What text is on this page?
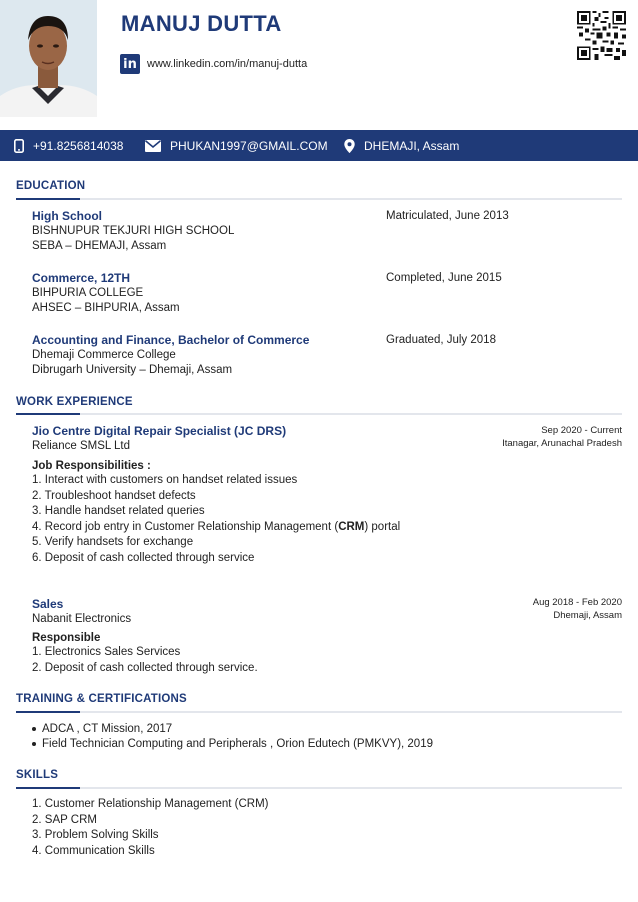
MANUJ DUTTA
in www.linkedin.com/in/manuj-dutta
+91.8256814038	PHUKAN1997@GMAIL.COM	DHEMAJI, Assam
EDUCATION
High School	Matriculated, June 2013
BISHNUPUR TEKJURI HIGH SCHOOL
SEBA – DHEMAJI, Assam
Commerce, 12TH	Completed, June 2015
BIHPURIA COLLEGE
AHSEC – BIHPURIA, Assam
Accounting and Finance, Bachelor of Commerce	Graduated, July 2018
Dhemaji Commerce College
Dibrugarh University – Dhemaji, Assam
WORK EXPERIENCE
Jio Centre Digital Repair Specialist (JC DRS)	Sep 2020 - Current
Itanagar, Arunachal Pradesh
Reliance SMSL Ltd
Job Responsibilities :
1. Interact with customers on handset related issues
2. Troubleshoot handset defects
3. Handle handset related queries
4. Record job entry in Customer Relationship Management (CRM) portal
5. Verify handsets for exchange
6. Deposit of cash collected through service
Sales	Aug 2018 - Feb 2020
Dhemaji, Assam
Nabanit Electronics
Responsible
1. Electronics Sales Services
2. Deposit of cash collected through service.
TRAINING & CERTIFICATIONS
ADCA , CT Mission, 2017
Field Technician Computing and Peripherals , Orion Edutech (PMKVY), 2019
SKILLS
1. Customer Relationship Management (CRM)
2. SAP CRM
3. Problem Solving Skills
4. Communication Skills
